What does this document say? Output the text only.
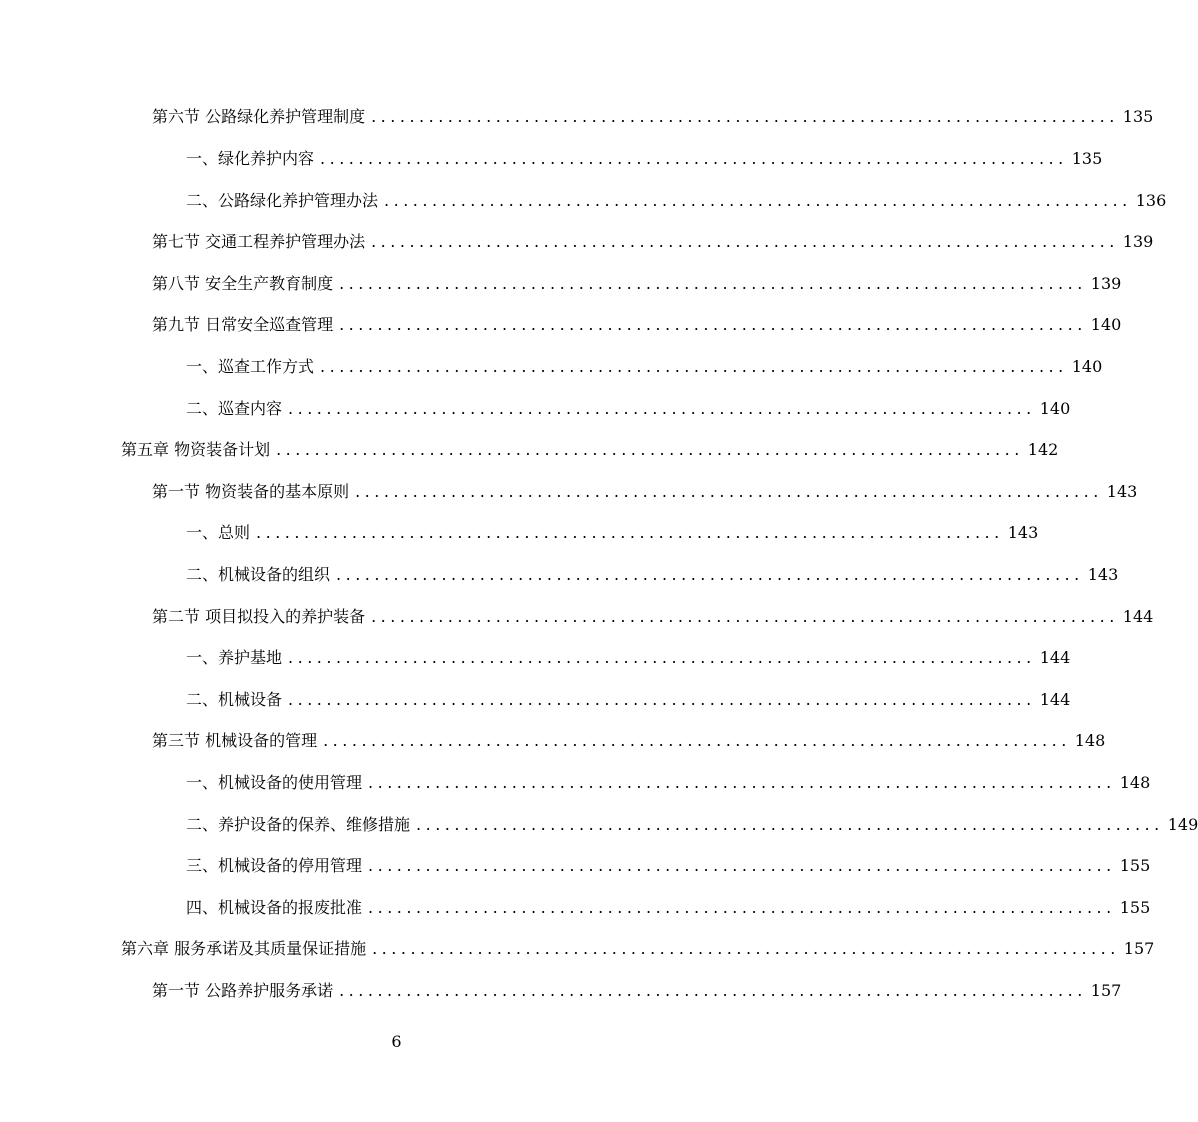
第六节 公路绿化养护管理制度 .............................................................................. 135
一、绿化养护内容 .............................................................................. 135
二、公路绿化养护管理办法 .............................................................................. 136
第七节 交通工程养护管理办法 .............................................................................. 139
第八节 安全生产教育制度 .............................................................................. 139
第九节 日常安全巡查管理 .............................................................................. 140
一、巡查工作方式 .............................................................................. 140
二、巡查内容 .............................................................................. 140
第五章 物资装备计划 .............................................................................. 142
第一节 物资装备的基本原则 .............................................................................. 143
一、总则 .............................................................................. 143
二、机械设备的组织 .............................................................................. 143
第二节 项目拟投入的养护装备 .............................................................................. 144
一、养护基地 .............................................................................. 144
二、机械设备 .............................................................................. 144
第三节 机械设备的管理 .............................................................................. 148
一、机械设备的使用管理 .............................................................................. 148
二、养护设备的保养、维修措施 .............................................................................. 149
三、机械设备的停用管理 .............................................................................. 155
四、机械设备的报废批准 .............................................................................. 155
第六章 服务承诺及其质量保证措施 .............................................................................. 157
第一节 公路养护服务承诺 .............................................................................. 157
6
